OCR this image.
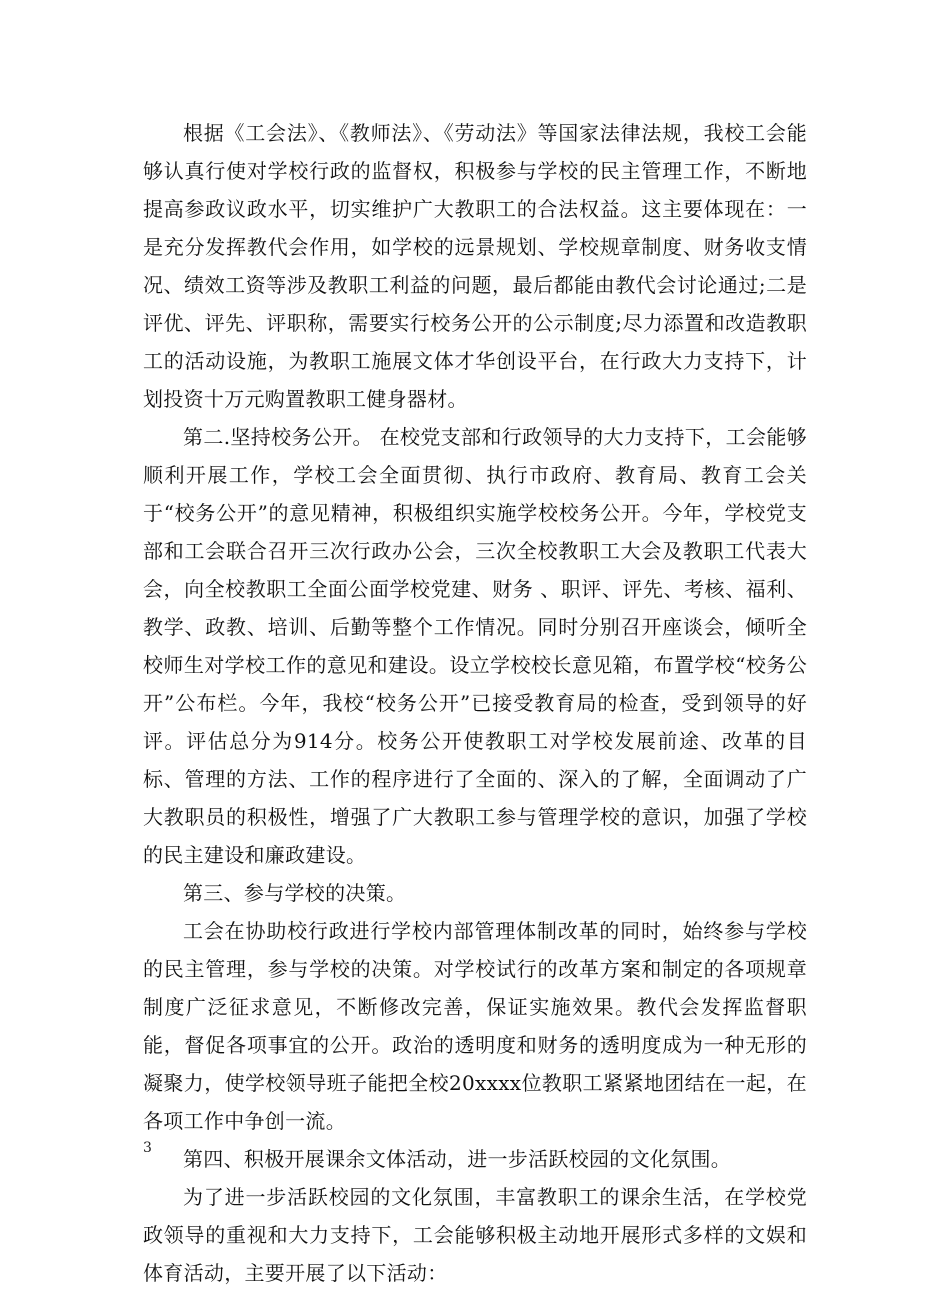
根据《工会法》、《教师法》、《劳动法》等国家法律法规，我校工会能够认真行使对学校行政的监督权，积极参与学校的民主管理工作，不断地提高参政议政水平，切实维护广大教职工的合法权益。这主要体现在：一是充分发挥教代会作用，如学校的远景规划、学校规章制度、财务收支情况、绩效工资等涉及教职工利益的问题，最后都能由教代会讨论通过;二是评优、评先、评职称，需要实行校务公开的公示制度;尽力添置和改造教职工的活动设施，为教职工施展文体才华创设平台，在行政大力支持下，计划投资十万元购置教职工健身器材。

第二.坚持校务公开。 在校党支部和行政领导的大力支持下，工会能够顺利开展工作，学校工会全面贯彻、执行市政府、教育局、教育工会关于“校务公开”的意见精神，积极组织实施学校校务公开。今年，学校党支部和工会联合召开三次行政办公会，三次全校教职工大会及教职工代表大会，向全校教职工全面公面学校党建、财务 、职评、评先、考核、福利、教学、政教、培训、后勤等整个工作情况。同时分别召开座谈会，倾听全校师生对学校工作的意见和建设。设立学校校长意见箱，布置学校“校务公开”公布栏。今年，我校“校务公开”已接受教育局的检查，受到领导的好评。评估总分为914分。校务公开使教职工对学校发展前途、改革的目标、管理的方法、工作的程序进行了全面的、深入的了解，全面调动了广大教职员的积极性，增强了广大教职工参与管理学校的意识，加强了学校的民主建设和廉政建设。

第三、参与学校的决策。

工会在协助校行政进行学校内部管理体制改革的同时，始终参与学校的民主管理，参与学校的决策。对学校试行的改革方案和制定的各项规章制度广泛征求意见，不断修改完善，保证实施效果。教代会发挥监督职能，督促各项事宜的公开。政治的透明度和财务的透明度成为一种无形的凝聚力，使学校领导班子能把全校20xxxx位教职工紧紧地团结在一起，在各项工作中争创一流。

第四、积极开展课余文体活动，进一步活跃校园的文化氛围。

为了进一步活跃校园的文化氛围，丰富教职工的课余生活，在学校党政领导的重视和大力支持下，工会能够积极主动地开展形式多样的文娱和体育活动，主要开展了以下活动：

3
